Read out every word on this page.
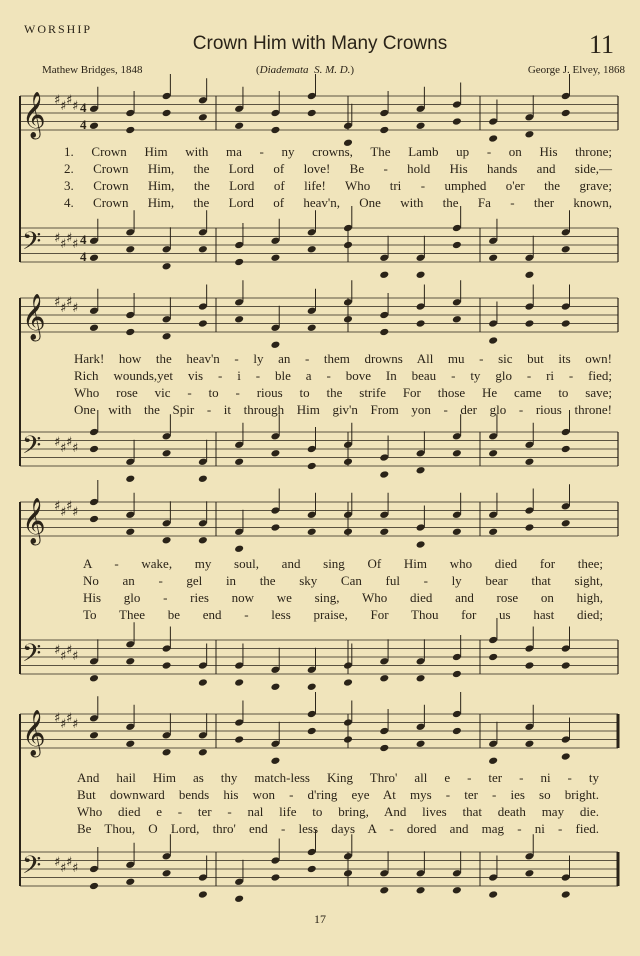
WORSHIP
Crown Him with Many Crowns	11
Mathew Bridges, 1848	(Diademata S. M. D.)	George J. Elvey, 1868
𝄞 ♯ ♯ ♯ ♯
𝄢 ♯ ♯ ♯ ♯
4
4
4
4
𝄞 ♯ ♯ ♯ ♯
𝄢 ♯ ♯ ♯ ♯
𝄞 ♯ ♯ ♯ ♯
𝄢 ♯ ♯ ♯ ♯
𝄞 ♯ ♯ ♯ ♯
𝄢 ♯ ♯ ♯ ♯
1. Crown Him with ma - ny crowns, The Lamb up - on His throne;
2. Crown Him, the Lord of love! Be - hold His hands and side,—
3. Crown Him, the Lord of life! Who tri - umphed o'er the grave;
4. Crown Him, the Lord of heav'n, One with the Fa - ther known,
Hark! how the heav'n - ly an - them drowns All mu - sic but its own!
Rich wounds,yet vis - i - ble a - bove In beau - ty glo - ri - fied;
Who rose vic - to - rious to the strife For those He came to save;
One with the Spir - it through Him giv'n From yon - der glo - rious throne!
A - wake, my soul, and sing Of Him who died for thee;
No an - gel in the sky Can ful - ly bear that sight,
His glo - ries now we sing, Who died and rose on high,
To Thee be end - less praise, For Thou for us hast died;
And hail Him as thy match-less King Thro' all e - ter - ni - ty
But downward bends his won - d'ring eye At mys - ter - ies so bright.
Who died e - ter - nal life to bring, And lives that death may die.
Be Thou, O Lord, thro' end - less days A - dored and mag - ni - fied.
17
